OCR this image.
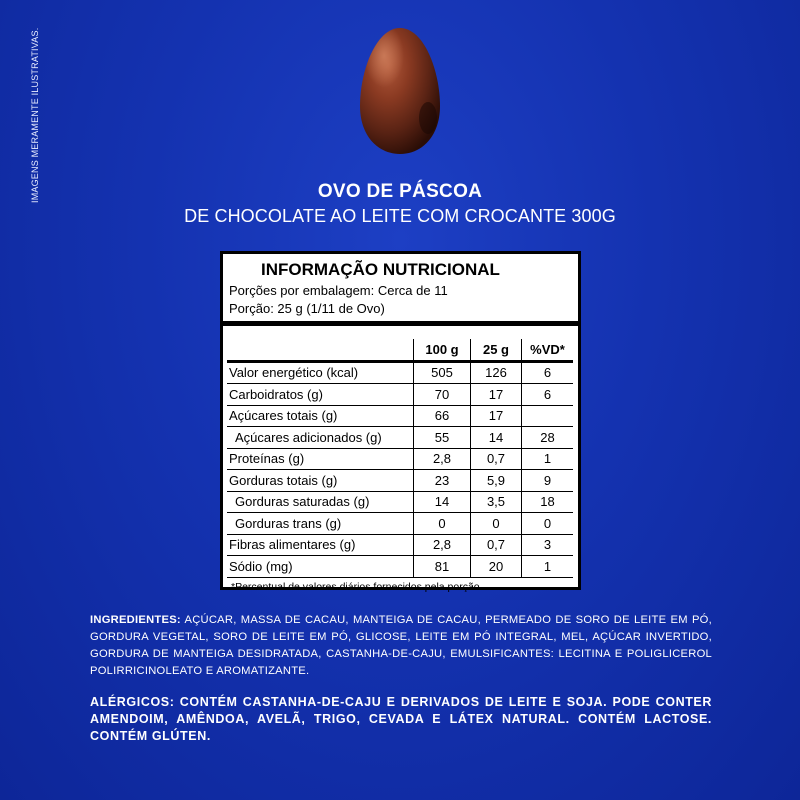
IMAGENS MERAMENTE ILUSTRATIVAS.	OVO DE PÁSCOA
DE CHOCOLATE AO LEITE COM CROCANTE 300G
INFORMAÇÃO NUTRICIONAL
Porções por embalagem: Cerca de 11
Porção: 25 g (1/11 de Ovo)
	100 g	25 g	%VD*
Valor energético (kcal)	505	126	6
Carboidratos (g)	70	17	6
Açúcares totais (g)	66	17	
Açúcares adicionados (g)	55	14	28
Proteínas (g)	2,8	0,7	1
Gorduras totais (g)	23	5,9	9
Gorduras saturadas (g)	14	3,5	18
Gorduras trans (g)	0	0	0
Fibras alimentares (g)	2,8	0,7	3
Sódio (mg)	81	20	1
*Percentual de valores diários fornecidos pela porção.
INGREDIENTES: AÇÚCAR, MASSA DE CACAU, MANTEIGA DE CACAU, PERMEADO DE SORO DE LEITE EM PÓ, GORDURA VEGETAL, SORO DE LEITE EM PÓ, GLICOSE, LEITE EM PÓ INTEGRAL, MEL, AÇÚCAR INVERTIDO, GORDURA DE MANTEIGA DESIDRATADA, CASTANHA-DE-CAJU, EMULSIFICANTES: LECITINA E POLIGLICEROL POLIRRICINOLEATO E AROMATIZANTE.
ALÉRGICOS: CONTÉM CASTANHA-DE-CAJU E DERIVADOS DE LEITE E SOJA. PODE CONTER AMENDOIM, AMÊNDOA, AVELÃ, TRIGO, CEVADA E LÁTEX NATURAL. CONTÉM LACTOSE. CONTÉM GLÚTEN.
